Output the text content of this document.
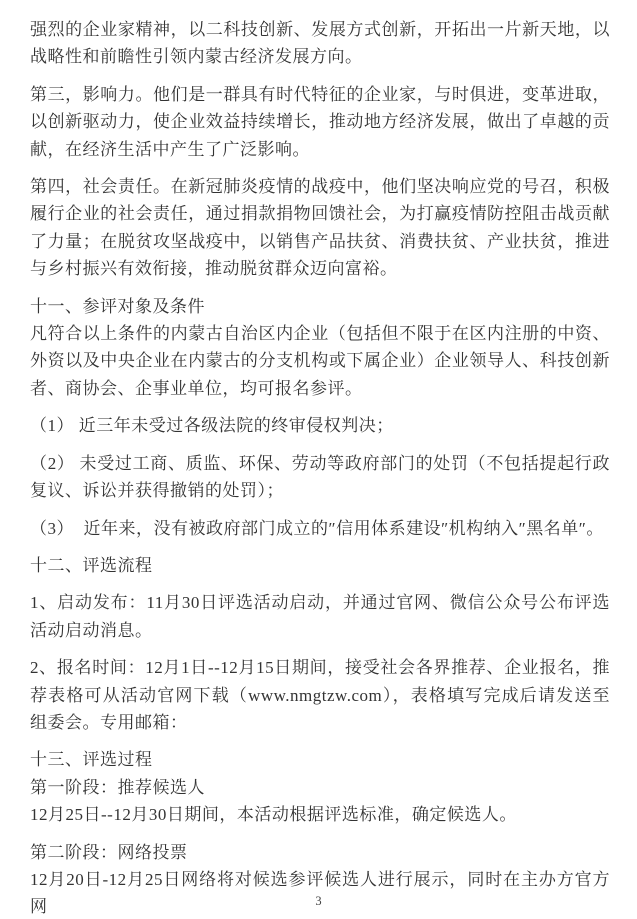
强烈的企业家精神，以二科技创新、发展方式创新，开拓出一片新天地，以战略性和前瞻性引领内蒙古经济发展方向。

第三，影响力。他们是一群具有时代特征的企业家，与时俱进，变革进取，以创新驱动力，使企业效益持续增长，推动地方经济发展，做出了卓越的贡献，在经济生活中产生了广泛影响。

第四，社会责任。在新冠肺炎疫情的战疫中，他们坚决响应党的号召，积极履行企业的社会责任，通过捐款捐物回馈社会，为打赢疫情防控阻击战贡献了力量；在脱贫攻坚战疫中，以销售产品扶贫、消费扶贫、产业扶贫，推进与乡村振兴有效衔接，推动脱贫群众迈向富裕。

十一、参评对象及条件

凡符合以上条件的内蒙古自治区内企业（包括但不限于在区内注册的中资、外资以及中央企业在内蒙古的分支机构或下属企业）企业领导人、科技创新者、商协会、企事业单位，均可报名参评。

（1） 近三年未受过各级法院的终审侵权判决；

（2） 未受过工商、质监、环保、劳动等政府部门的处罚（不包括提起行政复议、诉讼并获得撤销的处罚）；

（3）  近年来，没有被政府部门成立的″信用体系建设″机构纳入″黑名单″。

十二、评选流程

1、启动发布：11月30日评选活动启动，并通过官网、微信公众号公布评选活动启动消息。

2、报名时间：12月1日--12月15日期间，接受社会各界推荐、企业报名，推荐表格可从活动官网下载（www.nmgtzw.com），表格填写完成后请发送至组委会。专用邮箱：

十三、评选过程

第一阶段：推荐候选人

12月25日--12月30日期间，本活动根据评选标准，确定候选人。

第二阶段：网络投票

12月20日-12月25日网络将对候选参评候选人进行展示，同时在主办方官方网	3
